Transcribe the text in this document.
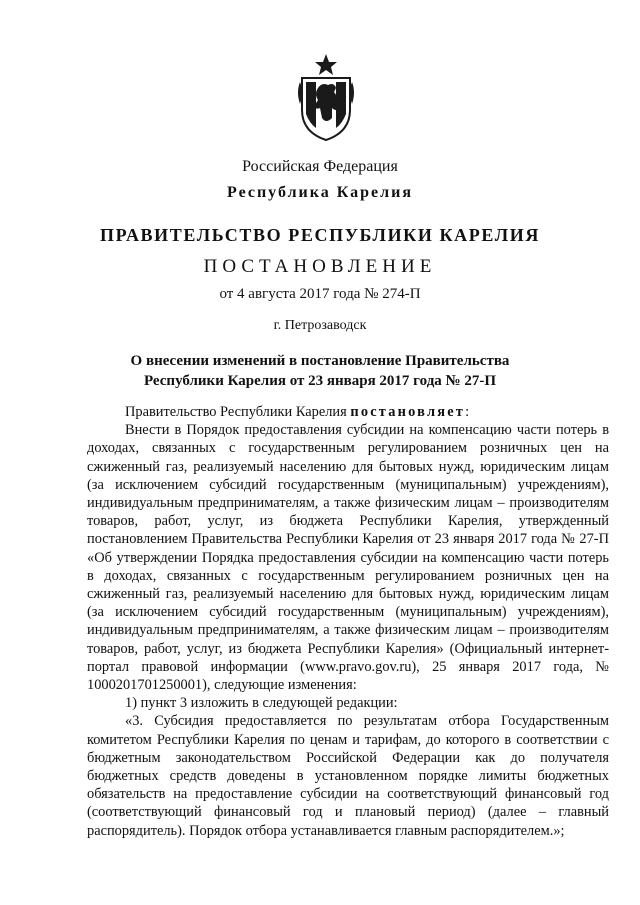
Российская Федерация
Республика Карелия
ПРАВИТЕЛЬСТВО РЕСПУБЛИКИ КАРЕЛИЯ
ПОСТАНОВЛЕНИЕ
от 4 августа 2017 года № 274-П
г. Петрозаводск
О внесении изменений в постановление Правительства
Республики Карелия от 23 января 2017 года № 27-П

Правительство Республики Карелия постановляет:

Внести в Порядок предоставления субсидии на компенсацию части потерь в доходах, связанных с государственным регулированием розничных цен на сжиженный газ, реализуемый населению для бытовых нужд, юридическим лицам (за исключением субсидий государственным (муниципальным) учреждениям), индивидуальным предпринимателям, а также физическим лицам – производителям товаров, работ, услуг, из бюджета Республики Карелия, утвержденный постановлением Правительства Республики Карелия от 23 января 2017 года № 27-П «Об утверждении Порядка предоставления субсидии на компенсацию части потерь в доходах, связанных с государственным регулированием розничных цен на сжиженный газ, реализуемый населению для бытовых нужд, юридическим лицам (за исключением субсидий государственным (муниципальным) учреждениям), индивидуальным предпринимателям, а также физическим лицам – производителям товаров, работ, услуг, из бюджета Республики Карелия» (Официальный интернет-портал правовой информации (www.pravo.gov.ru), 25 января 2017 года, № 1000201701250001), следующие изменения:

1) пункт 3 изложить в следующей редакции:

«3. Субсидия предоставляется по результатам отбора Государственным комитетом Республики Карелия по ценам и тарифам, до которого в соответствии с бюджетным законодательством Российской Федерации как до получателя бюджетных средств доведены в установленном порядке лимиты бюджетных обязательств на предоставление субсидии на соответствующий финансовый год (соответствующий финансовый год и плановый период) (далее – главный распорядитель). Порядок отбора устанавливается главным распорядителем.»;
